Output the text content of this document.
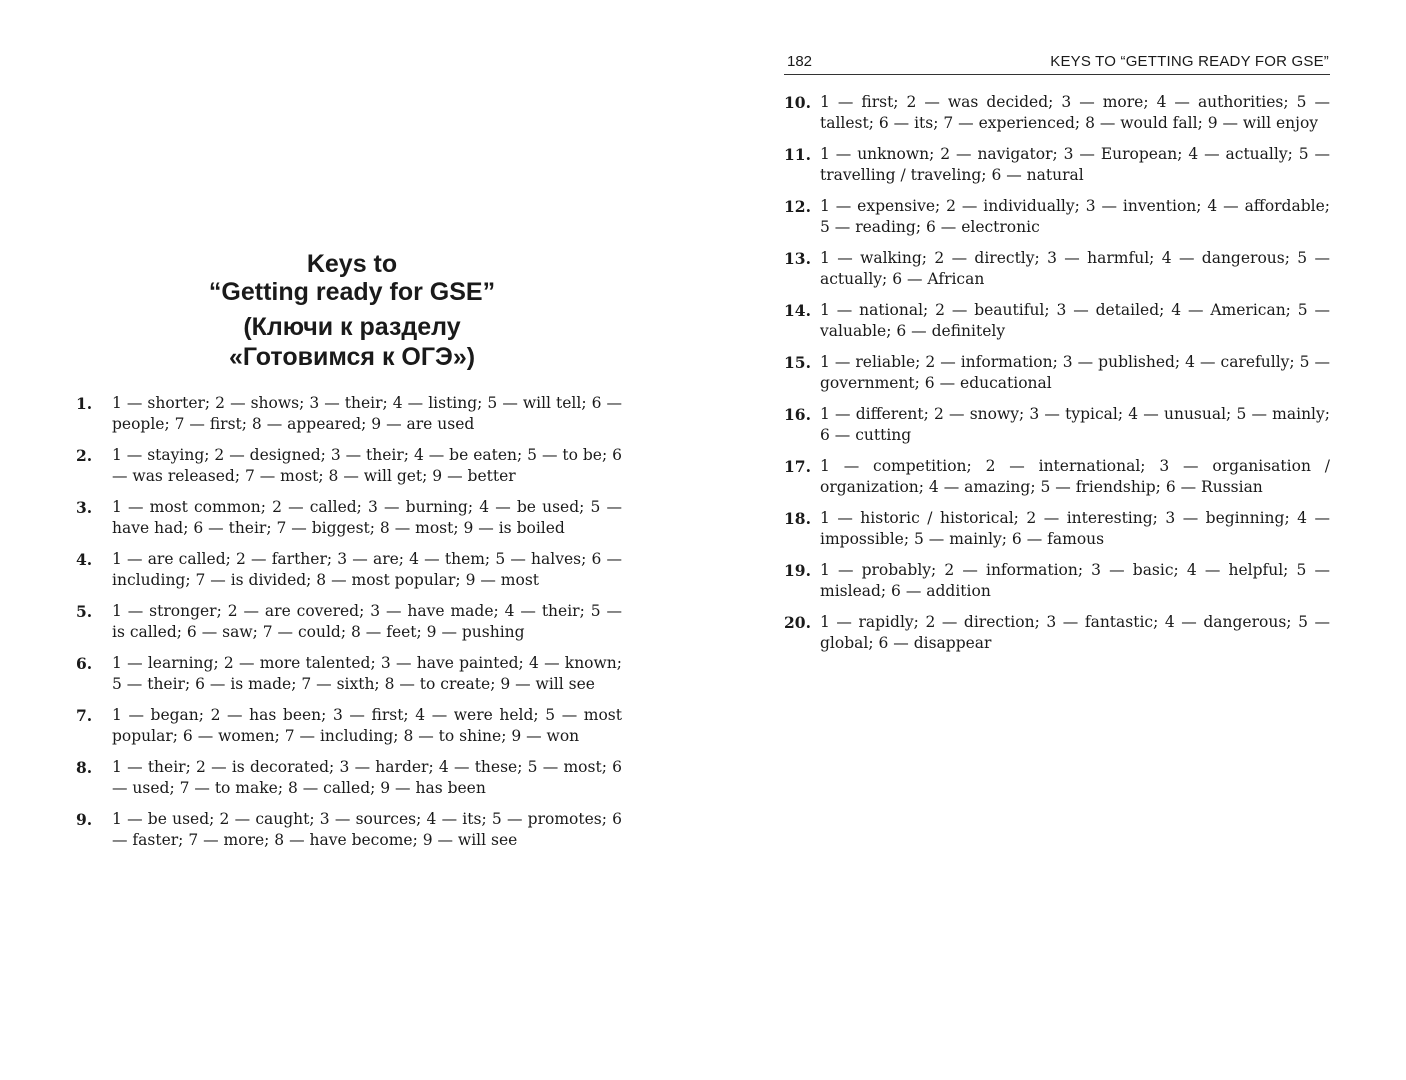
Keys to
“Getting ready for GSE”
(Ключи к разделу
«Готовимся к ОГЭ»)
1.	1 — shorter; 2 — shows; 3 — their; 4 — listing; 5 — will tell; 6 — people; 7 — first; 8 — appeared; 9 — are used
2.	1 — staying; 2 — designed; 3 — their; 4 — be eaten; 5 — to be; 6 — was released; 7 — most; 8 — will get; 9 — better
3.	1 — most common; 2 — called; 3 — burning; 4 — be used; 5 — have had; 6 — their; 7 — biggest; 8 — most; 9 — is boiled
4.	1 — are called; 2 — farther; 3 — are; 4 — them; 5 — halves; 6 — including; 7 — is divided; 8 — most popular; 9 — most
5.	1 — stronger; 2 — are covered; 3 — have made; 4 — their; 5 — is called; 6 — saw; 7 — could; 8 — feet; 9 — pushing
6.	1 — learning; 2 — more talented; 3 — have painted; 4 — known; 5 — their; 6 — is made; 7 — sixth; 8 — to create; 9 — will see
7.	1 — began; 2 — has been; 3 — first; 4 — were held; 5 — most popular; 6 — women; 7 — including; 8 — to shine; 9 — won
8.	1 — their; 2 — is decorated; 3 — harder; 4 — these; 5 — most; 6 — used; 7 — to make; 8 — called; 9 — has been
9.	1 — be used; 2 — caught; 3 — sources; 4 — its; 5 — promotes; 6 — faster; 7 — more; 8 — have become; 9 — will see
182	KEYS TO “GETTING READY FOR GSE”
10. 1 — first; 2 — was decided; 3 — more; 4 — authorities; 5 — tallest; 6 — its; 7 — experienced; 8 — would fall; 9 — will enjoy
11. 1 — unknown; 2 — navigator; 3 — European; 4 — actually; 5 — travelling / traveling; 6 — natural
12. 1 — expensive; 2 — individually; 3 — invention; 4 — affordable; 5 — reading; 6 — electronic
13. 1 — walking; 2 — directly; 3 — harmful; 4 — dangerous; 5 — actually; 6 — African
14. 1 — national; 2 — beautiful; 3 — detailed; 4 — American; 5 — valuable; 6 — definitely
15. 1 — reliable; 2 — information; 3 — published; 4 — carefully; 5 — government; 6 — educational
16. 1 — different; 2 — snowy; 3 — typical; 4 — unusual; 5 — mainly; 6 — cutting
17. 1 — competition; 2 — international; 3 — organisation / organization; 4 — amazing; 5 — friendship; 6 — Russian
18. 1 — historic / historical; 2 — interesting; 3 — beginning; 4 — impossible; 5 — mainly; 6 — famous
19. 1 — probably; 2 — information; 3 — basic; 4 — helpful; 5 — mislead; 6 — addition
20. 1 — rapidly; 2 — direction; 3 — fantastic; 4 — dangerous; 5 — global; 6 — disappear
